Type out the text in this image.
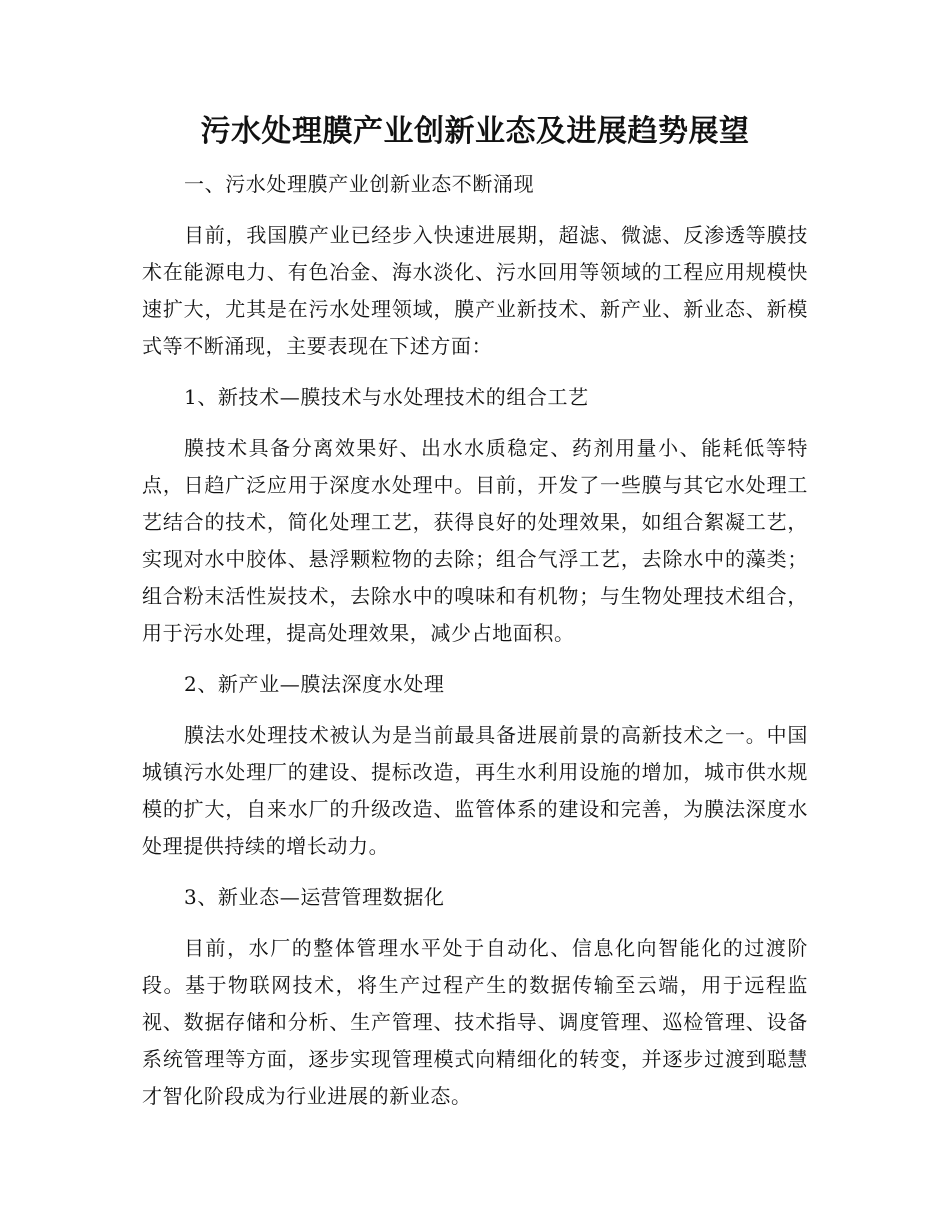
污水处理膜产业创新业态及进展趋势展望

一、污水处理膜产业创新业态不断涌现

目前，我国膜产业已经步入快速进展期，超滤、微滤、反渗透等膜技术在能源电力、有色冶金、海水淡化、污水回用等领域的工程应用规模快速扩大，尤其是在污水处理领域，膜产业新技术、新产业、新业态、新模式等不断涌现，主要表现在下述方面：

1、新技术—膜技术与水处理技术的组合工艺

膜技术具备分离效果好、出水水质稳定、药剂用量小、能耗低等特点，日趋广泛应用于深度水处理中。目前，开发了一些膜与其它水处理工艺结合的技术，简化处理工艺，获得良好的处理效果，如组合絮凝工艺，实现对水中胶体、悬浮颗粒物的去除；组合气浮工艺，去除水中的藻类；组合粉末活性炭技术，去除水中的嗅味和有机物；与生物处理技术组合，用于污水处理，提高处理效果，减少占地面积。

2、新产业—膜法深度水处理

膜法水处理技术被认为是当前最具备进展前景的高新技术之一。中国城镇污水处理厂的建设、提标改造，再生水利用设施的增加，城市供水规模的扩大，自来水厂的升级改造、监管体系的建设和完善，为膜法深度水处理提供持续的增长动力。

3、新业态—运营管理数据化

目前，水厂的整体管理水平处于自动化、信息化向智能化的过渡阶段。基于物联网技术，将生产过程产生的数据传输至云端，用于远程监视、数据存储和分析、生产管理、技术指导、调度管理、巡检管理、设备系统管理等方面，逐步实现管理模式向精细化的转变，并逐步过渡到聪慧才智化阶段成为行业进展的新业态。
